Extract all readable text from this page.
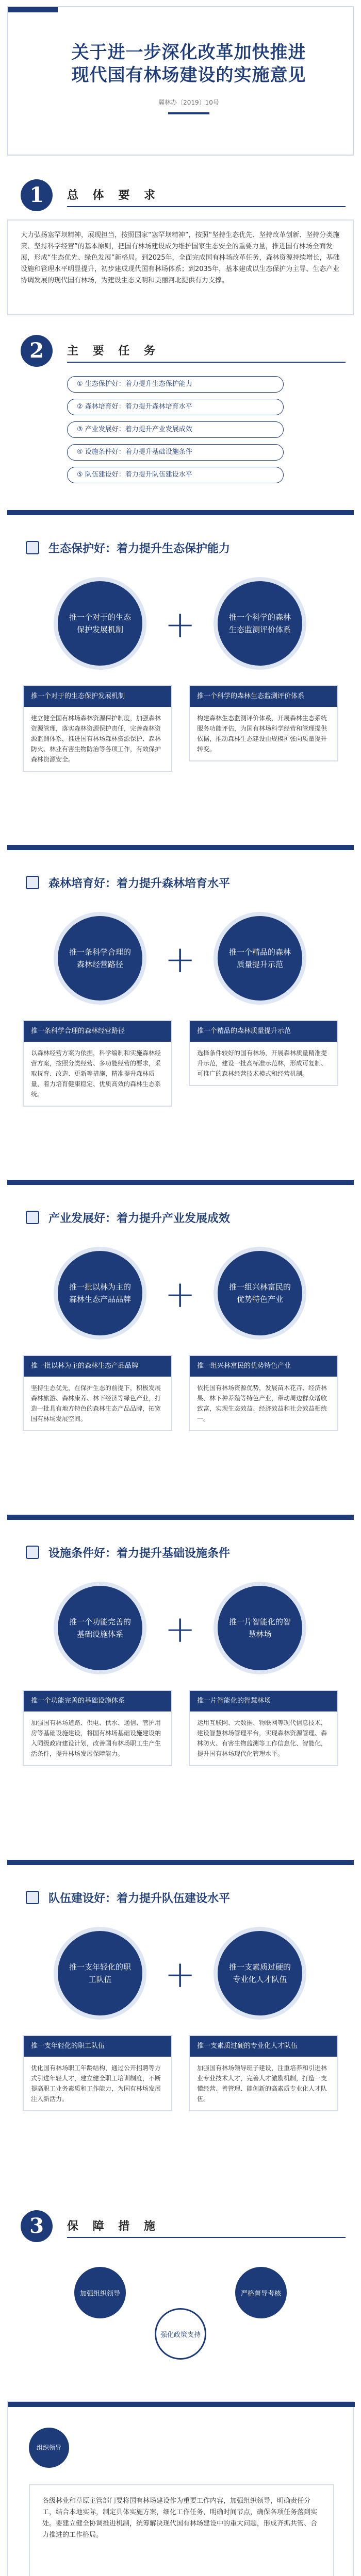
关于进一步深化改革加快推进
现代国有林场建设的实施意见
冀林办〔2019〕10号
1	总 体 要 求
大力弘扬塞罕坝精神，展现担当，按照国家“塞罕坝精神”，按照“坚持生态优先、坚持改革创新、坚持分类施策、坚持科学经营”的基本原则，把国有林场建设成为维护国家生态安全的重要力量，推进国有林场全面发展，形成“生态优先、绿色发展”新格局。到2025年，全面完成国有林场改革任务，森林资源持续增长，基础设施和管理水平明显提升，初步建成现代国有林场体系；到2035年，基本建成以生态保护为主导、生态产业协调发展的现代国有林场，为建设生态文明和美丽河北提供有力支撑。
2	主 要 任 务
① 生态保护好：着力提升生态保护能力
② 森林培育好：着力提升森林培育水平
③ 产业发展好：着力提升产业发展成效
④ 设施条件好：着力提升基础设施条件
⑤ 队伍建设好：着力提升队伍建设水平
生态保护好：着力提升生态保护能力
推一个对于的生态保护发展机制	+	推一个科学的森林生态监测评价体系
推一个对于的生态保护发展机制
建立健全国有林场森林资源保护制度，加强森林资源管理，落实森林资源保护责任，完善森林资源监测体系，推进国有林场森林资源保护、森林防火、林业有害生物防治等各项工作，有效保护森林资源安全。
推一个科学的森林生态监测评价体系
构建森林生态监测评价体系，开展森林生态系统服务功能评估，为国有林场科学经营和管理提供依据，推动森林生态建设由规模扩张向质量提升转变。
森林培育好：着力提升森林培育水平
推一条科学合理的森林经营路径	+	推一个精品的森林质量提升示范
推一条科学合理的森林经营路径
以森林经营方案为依据，科学编制和实施森林经营方案，按照分类经营、多功能经营的要求，采取抚育、改造、更新等措施，精准提升森林质量，着力培育健康稳定、优质高效的森林生态系统。
推一个精品的森林质量提升示范
选择条件较好的国有林场，开展森林质量精准提升示范，建设一批高标准示范林，形成可复制、可推广的森林经营技术模式和经营机制。
产业发展好：着力提升产业发展成效
推一批以林为主的森林生态产品品牌 +	推一组兴林富民的优势特色产业
推一批以林为主的森林生态产品品牌
坚持生态优先，在保护生态的前提下，积极发展森林旅游、森林康养、林下经济等绿色产业，打造一批具有地方特色的森林生态产品品牌，拓宽国有林场发展空间。
推一组兴林富民的优势特色产业
依托国有林场资源优势，发展苗木花卉、经济林果、林下种养殖等特色产业，带动周边群众增收致富，实现生态效益、经济效益和社会效益相统一。
设施条件好：着力提升基础设施条件
推一个功能完善的基础设施体系	+	推一片智能化的智慧林场
推一个功能完善的基础设施体系
加强国有林场道路、供电、供水、通信、管护用房等基础设施建设，将国有林场基础设施建设纳入同级政府建设计划，改善国有林场职工生产生活条件，提升林场发展保障能力。
推一片智能化的智慧林场
运用互联网、大数据、物联网等现代信息技术，建设智慧林场管理平台，实现森林资源管理、森林防火、有害生物监测等工作信息化、智能化，提升国有林场现代化管理水平。
队伍建设好：着力提升队伍建设水平
推一支年轻化的职工队伍	+	推一支素质过硬的专业化人才队伍
推一支年轻化的职工队伍
优化国有林场职工年龄结构，通过公开招聘等方式引进年轻人才，建立健全职工培训制度，不断提高职工业务素质和工作能力，为国有林场发展注入新活力。
推一支素质过硬的专业化人才队伍
加强国有林场领导班子建设，注重培养和引进林业专业技术人才，完善人才激励机制，打造一支懂经营、善管理、能创新的高素质专业化人才队伍。
3	保 障 措 施
加强组织领导
强化政策支持
严格督导考核
组织领导
各级林业和草原主管部门要将国有林场建设作为重要工作内容，加强组织领导，明确责任分工，结合本地实际，制定具体实施方案，细化工作任务，明确时间节点，确保各项任务落到实处。要建立健全协调推进机制，统筹解决现代国有林场建设中的重大问题，形成齐抓共管、合力推进的工作格局。
